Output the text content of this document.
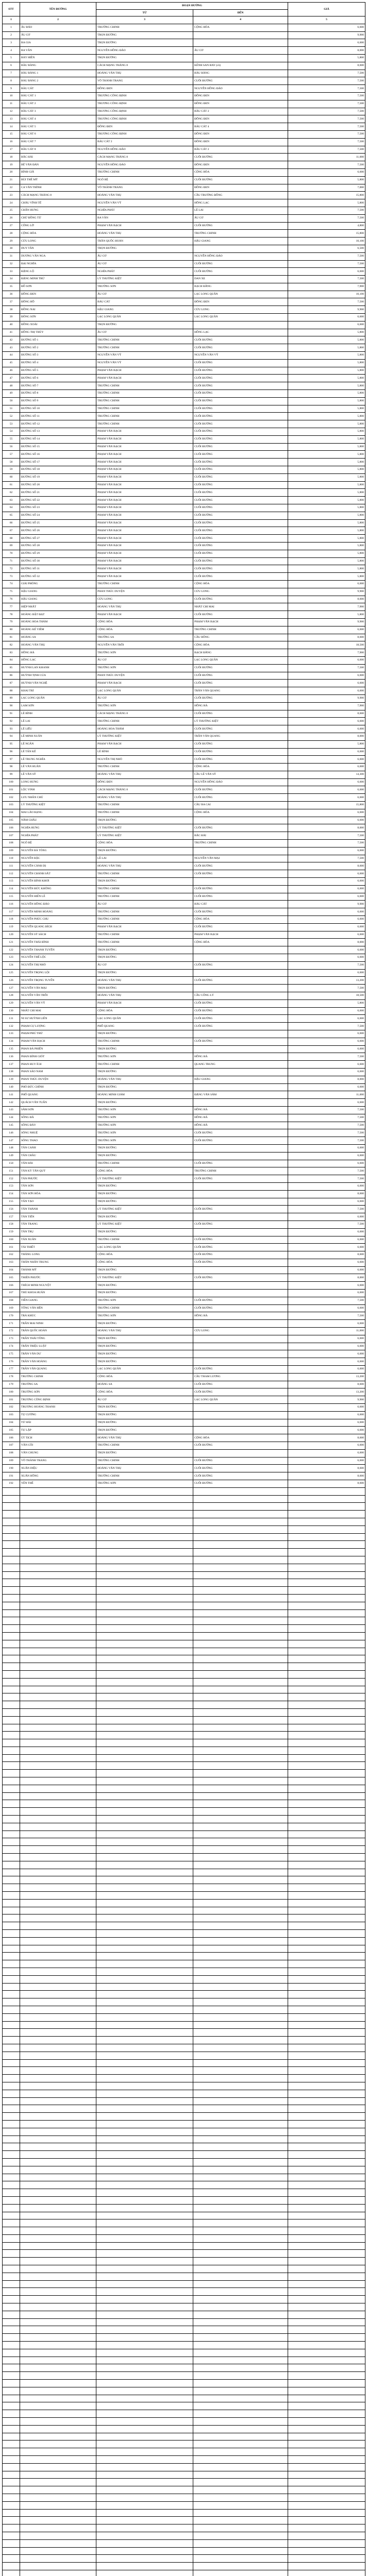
STT	TÊN ĐƯỜNG	ĐOẠN ĐƯỜNG		GIÁ
		TỪ	ĐẾN	
1	2	3	4	5
1	ÂU BẢO	TRƯỜNG CHINH	CỘNG HÒA	6,600
2	ÂU CƠ	TRỌN ĐƯỜNG		9,900
3	BA GIA	TRỌN ĐƯỜNG		6,600
4	BA VÂN	NGUYỄN HỒNG ĐÀO	ÂU CƠ	8,000
5	BẢY HIỀN	TRỌN ĐƯỜNG		5,800
6	BÀU BÀNG	CÁCH MẠNG THÁNG 8	KÊNH SAN BAY (cũ)	8,600
7	BÀU BÀNG 1	HOÀNG VĂN THỤ	BÀU BÀNG	7,500
8	BÀU BÀNG 2	VÕ THÀNH TRANG	CUỐI ĐƯỜNG	7,500
9	BÀU CÁT	ĐỒNG ĐEN	NGUYỄN HỒNG ĐÀO	7,500
10	BÀU CÁT 1	TRƯƠNG CÔNG ĐỊNH	ĐỒNG ĐEN	7,500
11	BÀU CÁT 2	TRƯƠNG CÔNG ĐỊNH	ĐỒNG ĐEN	7,500
12	BÀU CÁT 3	TRƯƠNG CÔNG ĐỊNH	BÀU CÁT 2	7,500
13	BÀU CÁT 4	TRƯƠNG CÔNG ĐỊNH	ĐỒNG ĐEN	7,500
14	BÀU CÁT 5	ĐỒNG ĐEN	BÀU CÁT 4	7,500
15	BÀU CÁT 6	TRƯƠNG CÔNG ĐỊNH	ĐỒNG ĐEN	7,500
16	BÀU CÁT 7	BÀU CÁT 2	ĐỒNG ĐEN	7,500
17	BÀU CÁT 8	NGUYỄN HỒNG ĐÀO	BÀU CÁT 2	7,500
18	BẮC HẢI	CÁCH MẠNG THÁNG 8	CUỐI ĐƯỜNG	11,000
19	BẾ VĂN ĐÀN	NGUYỄN HỒNG ĐÀO	ĐỒNG ĐEN	7,500
20	BÌNH GIÃ	TRƯỜNG CHINH	CỘNG HÒA	6,600
21	BÙI THẾ MỸ	NGÔ BỆ	CUỐI ĐƯỜNG	5,800
22	CA VĂN THỈNH	VÕ THÀNH TRANG	ĐỒNG ĐEN	7,000
23	CÁCH MẠNG THÁNG 8	HOÀNG VĂN THỤ	CẦU TRƯỜNG ĐỒNG	15,800
24	CHÂU VĨNH TẾ	NGUYỄN VĂN VỸ	HỒNG LẠC	5,800
25	CHẤN HƯNG	NGHĨA PHÁT	LÊ LAI	7,500
26	CHỬ ĐỒNG TỬ	BA VÂN	ÂU CƠ	7,500
27	CỐNG LỠ	PHẠM VĂN BẠCH	CUỐI ĐƯỜNG	4,800
28	CỘNG HÒA	HOÀNG VĂN THỤ	TRƯỜNG CHINH	15,800
29	CỬU LONG	TRẦN QUỐC HOÀN	HẬU GIANG	10,100
30	DUY TÂN	TRỌN ĐƯỜNG		6,500
31	DƯƠNG VÂN NGA	ÂU CƠ	NGUYỄN HỒNG ĐÀO	7,500
32	ĐẠI NGHĨA	ÂU CƠ	CUỐI ĐƯỜNG	7,500
33	ĐẶNG LỘ	NGHĨA PHÁT	CUỐI ĐƯỜNG	6,600
34	ĐẶNG MINH TRỨ	LÝ THƯỜNG KIỆT	DAN XE	7,500
35	ĐỒ SƠN	TRƯỜNG SƠN	BẠCH ĐẰNG	7,900
36	ĐỒNG ĐEN	ÂU CƠ	LẠC LONG QUÂN	10,100
37	ĐỒNG HỒ	BÀU CÁT	ĐỒNG ĐEN	7,500
38	ĐỒNG NAI	HẬU GIANG	CỬU LONG	9,900
39	ĐÔNG SƠN	LẠC LONG QUÂN	LẠC LONG QUÂN	6,600
40	ĐỒNG XOÀI	TRỌN ĐƯỜNG		6,600
41	ĐỒNG THỊ THỦY	ÂU CƠ	HỒNG LẠC	5,800
42	ĐƯỜNG SỐ 1	TRƯỜNG CHINH	CUỐI ĐƯỜNG	5,800
43	ĐƯỜNG SỐ 2	TRƯỜNG CHINH	CUỐI ĐƯỜNG	5,800
44	ĐƯỜNG SỐ 3	NGUYỄN VĂN VỸ	NGUYỄN VĂN VỸ	5,800
45	ĐƯỜNG SỐ 4	NGUYỄN VĂN VỸ	CUỐI ĐƯỜNG	5,800
46	ĐƯỜNG SỐ 5	PHẠM VĂN BẠCH	CUỐI ĐƯỜNG	5,800
47	ĐƯỜNG SỐ 6	PHẠM VĂN BẠCH	CUỐI ĐƯỜNG	5,800
48	ĐƯỜNG SỐ 7	TRƯỜNG CHINH	CUỐI ĐƯỜNG	5,800
49	ĐƯỜNG SỐ 8	TRƯỜNG CHINH	CUỐI ĐƯỜNG	5,800
50	ĐƯỜNG SỐ 9	TRƯỜNG CHINH	CUỐI ĐƯỜNG	5,800
51	ĐƯỜNG SỐ 10	TRƯỜNG CHINH	CUỐI ĐƯỜNG	5,800
52	ĐƯỜNG SỐ 11	TRƯỜNG CHINH	CUỐI ĐƯỜNG	5,800
53	ĐƯỜNG SỐ 12	TRƯỜNG CHINH	CUỐI ĐƯỜNG	5,800
54	ĐƯỜNG SỐ 13	PHẠM VĂN BẠCH	CUỐI ĐƯỜNG	5,800
55	ĐƯỜNG SỐ 14	PHẠM VĂN BẠCH	CUỐI ĐƯỜNG	5,800
56	ĐƯỜNG SỐ 15	PHẠM VĂN BẠCH	CUỐI ĐƯỜNG	5,800
57	ĐƯỜNG SỐ 16	PHẠM VĂN BẠCH	CUỐI ĐƯỜNG	5,800
58	ĐƯỜNG SỐ 17	PHẠM VĂN BẠCH	CUỐI ĐƯỜNG	5,800
59	ĐƯỜNG SỐ 18	PHẠM VĂN BẠCH	CUỐI ĐƯỜNG	5,800
60	ĐƯỜNG SỐ 19	PHẠM VĂN BẠCH	CUỐI ĐƯỜNG	5,800
61	ĐƯỜNG SỐ 20	PHẠM VĂN BẠCH	CUỐI ĐƯỜNG	5,800
62	ĐƯỜNG SỐ 21	PHẠM VĂN BẠCH	CUỐI ĐƯỜNG	5,800
63	ĐƯỜNG SỐ 22	PHẠM VĂN BẠCH	CUỐI ĐƯỜNG	5,800
64	ĐƯỜNG SỐ 23	PHẠM VĂN BẠCH	CUỐI ĐƯỜNG	5,800
65	ĐƯỜNG SỐ 24	PHẠM VĂN BẠCH	CUỐI ĐƯỜNG	5,800
66	ĐƯỜNG SỐ 25	PHẠM VĂN BẠCH	CUỐI ĐƯỜNG	5,800
67	ĐƯỜNG SỐ 26	PHẠM VĂN BẠCH	CUỐI ĐƯỜNG	5,800
68	ĐƯỜNG SỐ 27	PHẠM VĂN BẠCH	CUỐI ĐƯỜNG	5,800
69	ĐƯỜNG SỐ 28	PHẠM VĂN BẠCH	CUỐI ĐƯỜNG	5,800
70	ĐƯỜNG SỐ 29	PHẠM VĂN BẠCH	CUỐI ĐƯỜNG	5,800
71	ĐƯỜNG SỐ 30	PHẠM VĂN BẠCH	CUỐI ĐƯỜNG	5,800
72	ĐƯỜNG SỐ 31	PHẠM VĂN BẠCH	CUỐI ĐƯỜNG	5,800
73	ĐƯỜNG SỐ 32	PHẠM VĂN BẠCH	CUỐI ĐƯỜNG	5,800
74	GIẢI PHÓNG	TRƯỜNG CHINH	CỘNG HÒA	6,600
75	HẬU GIANG	PHAN THÚC DUYỆN	CỬU LONG	9,900
76	HẬU GIANG	CỬU LONG	CUỐI ĐƯỜNG	8,600
77	HIỆP NHẤT	HOÀNG VĂN THỤ	NHẤT CHI MAI	7,900
78	HOÀNG BẬT ĐẠT	PHẠM VĂN BẠCH	CUỐI ĐƯỜNG	5,800
79	HOÀNG HOA THÁM	CỘNG HÒA	PHẠM VĂN BẠCH	9,900
80	HOÀNG KẾ VIÊM	CỘNG HÒA	TRƯỜNG CHINH	6,600
81	HOÀNG SA	TRƯỜNG SA	CẦU BÔNG	8,600
82	HOÀNG VĂN THỤ	NGUYỄN VĂN TRỖI	CỘNG HÒA	18,500
83	HỒNG HÀ	TRƯỜNG SƠN	BẠCH ĐẰNG	7,900
84	HỒNG LẠC	ÂU CƠ	LẠC LONG QUÂN	6,600
85	HUỲNH LAN KHANH	TRƯỜNG SƠN	CUỐI ĐƯỜNG	7,500
86	HUỲNH TỊNH CỦA	PHAN THÚC DUYỆN	CUỐI ĐƯỜNG	6,600
87	HUỲNH VĂN NGHỆ	PHẠM VĂN BẠCH	CUỐI ĐƯỜNG	6,600
88	KHAI TRÍ	LẠC LONG QUÂN	TRẦN VĂN QUANG	6,600
89	LẠC LONG QUÂN	ÂU CƠ	CUỐI ĐƯỜNG	9,900
90	LAM SƠN	TRƯỜNG SƠN	HỒNG HÀ	7,900
91	LÊ BÌNH	CÁCH MẠNG THÁNG 8	CUỐI ĐƯỜNG	8,600
92	LÊ LAI	TRƯỜNG CHINH	LÝ THƯỜNG KIỆT	6,600
93	LÊ LIỄU	HOÀNG HOA THÁM	CUỐI ĐƯỜNG	6,600
94	LÊ MINH XUÂN	LÝ THƯỜNG KIỆT	TRẦN VĂN QUANG	8,000
95	LÊ NGÂN	PHẠM VĂN BẠCH	CUỐI ĐƯỜNG	5,800
96	LÊ TẤN KẾ	LÊ BÌNH	CUỐI ĐƯỜNG	6,600
97	LÊ TRUNG NGHĨA	NGUYỄN THỊ NHỎ	CUỐI ĐƯỜNG	6,600
98	LÊ VĂN HUÂN	TRƯỜNG CHINH	CỘNG HÒA	6,600
99	LÊ VĂN SỸ	HOÀNG VĂN THỤ	CẦU LÊ VĂN SỸ	14,300
100	LONG HƯNG	ĐỒNG ĐEN	NGUYỄN HỒNG ĐÀO	6,600
101	LỘC VINH	CÁCH MẠNG THÁNG 8	CUỐI ĐƯỜNG	6,600
102	LƯU NHÂN CHÚ	HOÀNG VĂN THỤ	CUỐI ĐƯỜNG	6,600
103	LÝ THƯỜNG KIỆT	TRƯỜNG CHINH	CẦU BA CAI	15,800
104	MAI LÃO BẠNG	TRƯỜNG CHINH	CỘNG HÒA	6,600
105	NĂM CHÂU	TRỌN ĐƯỜNG		6,600
106	NGHĨA HƯNG	LÝ THƯỜNG KIỆT	CUỐI ĐƯỜNG	8,000
107	NGHĨA PHÁT	LÝ THƯỜNG KIỆT	BẮC HẢI	7,500
108	NGÔ BỆ	CỘNG HÒA	TRƯỜNG CHINH	7,500
109	NGUYỄN BÁ TÒNG	TRỌN ĐƯỜNG		6,600
110	NGUYỄN BẶC	LÊ LAI	NGUYỄN VĂN MẠI	7,500
111	NGUYỄN CẢNH DỊ	HOÀNG VĂN THỤ	CUỐI ĐƯỜNG	8,600
112	NGUYỄN CHÁNH SẮT	TRƯỜNG CHINH	CUỐI ĐƯỜNG	6,600
113	NGUYỄN ĐÌNH KHƠI	TRỌN ĐƯỜNG		6,600
114	NGUYỄN ĐỨC KHÔNG	TRƯỜNG CHINH	CUỐI ĐƯỜNG	6,600
115	NGUYỄN HIẾN LÊ	TRƯỜNG CHINH	CUỐI ĐƯỜNG	6,600
116	NGUYỄN HỒNG ĐÀO	ÂU CƠ	BÀU CÁT	9,900
117	NGUYỄN MINH HOÀNG	TRƯỜNG CHINH	CUỐI ĐƯỜNG	6,600
118	NGUYỄN PHÚC CHU	TRƯỜNG CHINH	CỘNG HÒA	6,600
119	NGUYỄN QUANG BÍCH	PHẠM VĂN BẠCH	CUỐI ĐƯỜNG	6,600
120	NGUYỄN SỸ SÁCH	TRƯỜNG CHINH	PHẠM VĂN BẠCH	6,600
121	NGUYỄN THÁI BÌNH	TRƯỜNG CHINH	CỘNG HÒA	8,000
122	NGUYỄN THANH TUYỀN	TRỌN ĐƯỜNG		6,600
123	NGUYỄN THẾ LỘC	TRỌN ĐƯỜNG		6,600
124	NGUYỄN THỊ NHỎ	ÂU CƠ	CUỐI ĐƯỜNG	7,500
125	NGUYỄN TRỌNG LỘI	TRỌN ĐƯỜNG		6,600
126	NGUYỄN TRỌNG TUYỂN	HOÀNG VĂN THỤ	CUỐI ĐƯỜNG	13,200
127	NGUYỄN VĂN MẠI	TRỌN ĐƯỜNG		7,500
128	NGUYỄN VĂN TRỖI	HOÀNG VĂN THỤ	CẦU CÔNG LÝ	18,500
129	NGUYỄN VĂN VỸ	PHẠM VĂN BẠCH	CUỐI ĐƯỜNG	5,800
130	NHẤT CHI MAI	CỘNG HÒA	CUỐI ĐƯỜNG	6,600
131	NI SƯ HUỲNH LIÊN	LẠC LONG QUÂN	CUỐI ĐƯỜNG	6,600
132	PHẠM CỰ LƯỢNG	PHỔ QUANG	CUỐI ĐƯỜNG	7,500
133	PHẠM PHÚ THỨ	TRỌN ĐƯỜNG		6,600
134	PHẠM VĂN BẠCH	TRƯỜNG CHINH	CUỐI ĐƯỜNG	6,600
135	PHAN BÁ PHIẾN	TRỌN ĐƯỜNG		6,600
136	PHAN ĐÌNH GIÓT	TRƯỜNG SƠN	HỒNG HÀ	7,500
137	PHAN HUY ÍCH	TRƯỜNG CHINH	QUANG TRUNG	6,600
138	PHAN SÀO NAM	TRỌN ĐƯỜNG		6,600
139	PHAN THÚC DUYỆN	HOÀNG VĂN THỤ	HẬU GIANG	8,000
140	PHÓ ĐỨC CHÍNH	TRỌN ĐƯỜNG		6,600
141	PHỔ QUANG	HOÀNG MINH GIÁM	ĐẶNG VĂN SÂM	11,000
142	QUÁCH VĂN TUẤN	TRỌN ĐƯỜNG		6,600
143	SẦM SƠN	TRƯỜNG SƠN	HỒNG HÀ	7,500
144	SÔNG ĐÀ	TRƯỜNG SƠN	HỒNG HÀ	7,500
145	SÔNG ĐÁY	TRƯỜNG SƠN	HỒNG HÀ	7,500
146	SÔNG NHUỆ	TRƯỜNG SƠN	CUỐI ĐƯỜNG	7,500
147	SÔNG THAO	TRƯỜNG SƠN	CUỐI ĐƯỜNG	7,500
148	TÂN CANH	TRỌN ĐƯỜNG		6,600
149	TÂN CHÂU	TRỌN ĐƯỜNG		6,600
150	TÂN HẢI	TRƯỜNG CHINH	CUỐI ĐƯỜNG	6,600
151	TÂN KỲ TÂN QUÝ	CỘNG HÒA	TRƯỜNG CHINH	7,500
152	TÂN PHƯỚC	LÝ THƯỜNG KIỆT	CUỐI ĐƯỜNG	7,500
153	TÂN SƠN	TRỌN ĐƯỜNG		6,600
154	TÂN SƠN HÒA	TRỌN ĐƯỜNG		8,600
155	TÂN TẠO	TRỌN ĐƯỜNG		6,600
156	TÂN THÀNH	LÝ THƯỜNG KIỆT	CUỐI ĐƯỜNG	7,500
157	TÂN TIẾN	TRỌN ĐƯỜNG		6,600
158	TÂN TRANG	LÝ THƯỜNG KIỆT	CUỐI ĐƯỜNG	7,500
159	TÂN TRỤ	TRỌN ĐƯỜNG		6,600
160	TÂN XUÂN	TRƯỜNG CHINH	CUỐI ĐƯỜNG	6,600
161	TÁI THIẾT	LẠC LONG QUÂN	CUỐI ĐƯỜNG	6,600
162	THĂNG LONG	CỘNG HÒA	CUỐI ĐƯỜNG	8,600
163	THÂN NHÂN TRUNG	CỘNG HÒA	CUỐI ĐƯỜNG	6,600
164	THÀNH MỸ	TRỌN ĐƯỜNG		6,600
165	THIÊN PHƯỚC	LÝ THƯỜNG KIỆT	CUỐI ĐƯỜNG	8,000
166	THÍCH MINH NGUYỆT	TRỌN ĐƯỜNG		6,600
167	THỦ KHOA HUÂN	TRỌN ĐƯỜNG		6,600
168	TIỀN GIANG	TRƯỜNG SƠN	CUỐI ĐƯỜNG	7,500
169	TỐNG VĂN HÊN	TRƯỜNG CHINH	CUỐI ĐƯỜNG	6,600
170	TRÀ KHÚC	TRƯỜNG SƠN	HỒNG HÀ	7,500
171	TRẦN MAI NINH	TRỌN ĐƯỜNG		6,600
172	TRẦN QUỐC HOÀN	HOÀNG VĂN THỤ	CỬU LONG	11,000
173	TRẦN THÁI TÔNG	TRỌN ĐƯỜNG		6,600
174	TRẦN TRIỆU LUẬT	TRỌN ĐƯỜNG		6,600
175	TRẦN VĂN DƯ	TRỌN ĐƯỜNG		6,600
176	TRẦN VĂN HOÀNG	TRỌN ĐƯỜNG		6,600
177	TRẦN VĂN QUANG	LẠC LONG QUÂN	CUỐI ĐƯỜNG	6,600
178	TRƯỜNG CHINH	CỘNG HÒA	CẦU THAM LƯƠNG	13,200
179	TRƯỜNG SA	HOÀNG SA	CUỐI ĐƯỜNG	8,600
180	TRƯỜNG SƠN	CỘNG HÒA	CUỐI ĐƯỜNG	13,200
181	TRƯƠNG CÔNG ĐỊNH	ÂU CƠ	LẠC LONG QUÂN	9,900
182	TRƯƠNG HOÀNG THANH	TRỌN ĐƯỜNG		6,600
183	TỰ CƯỜNG	TRỌN ĐƯỜNG		6,600
184	TỨ HẢI	TRỌN ĐƯỜNG		6,600
185	TỰ LẬP	TRỌN ĐƯỜNG		6,600
186	ÚT TỊCH	HOÀNG VĂN THỤ	CỘNG HÒA	8,600
187	VÂN CÔI	TRƯỜNG CHINH	CUỐI ĐƯỜNG	6,600
188	VĂN CHUNG	TRỌN ĐƯỜNG		6,600
189	VÕ THÀNH TRANG	TRƯỜNG CHINH	CUỐI ĐƯỜNG	6,600
190	XUÂN DIỆU	HOÀNG VĂN THỤ	CUỐI ĐƯỜNG	8,600
191	XUÂN HỒNG	TRƯỜNG CHINH	CUỐI ĐƯỜNG	8,600
192	YÊN THẾ	TRƯỜNG SƠN	CUỐI ĐƯỜNG	8,600
